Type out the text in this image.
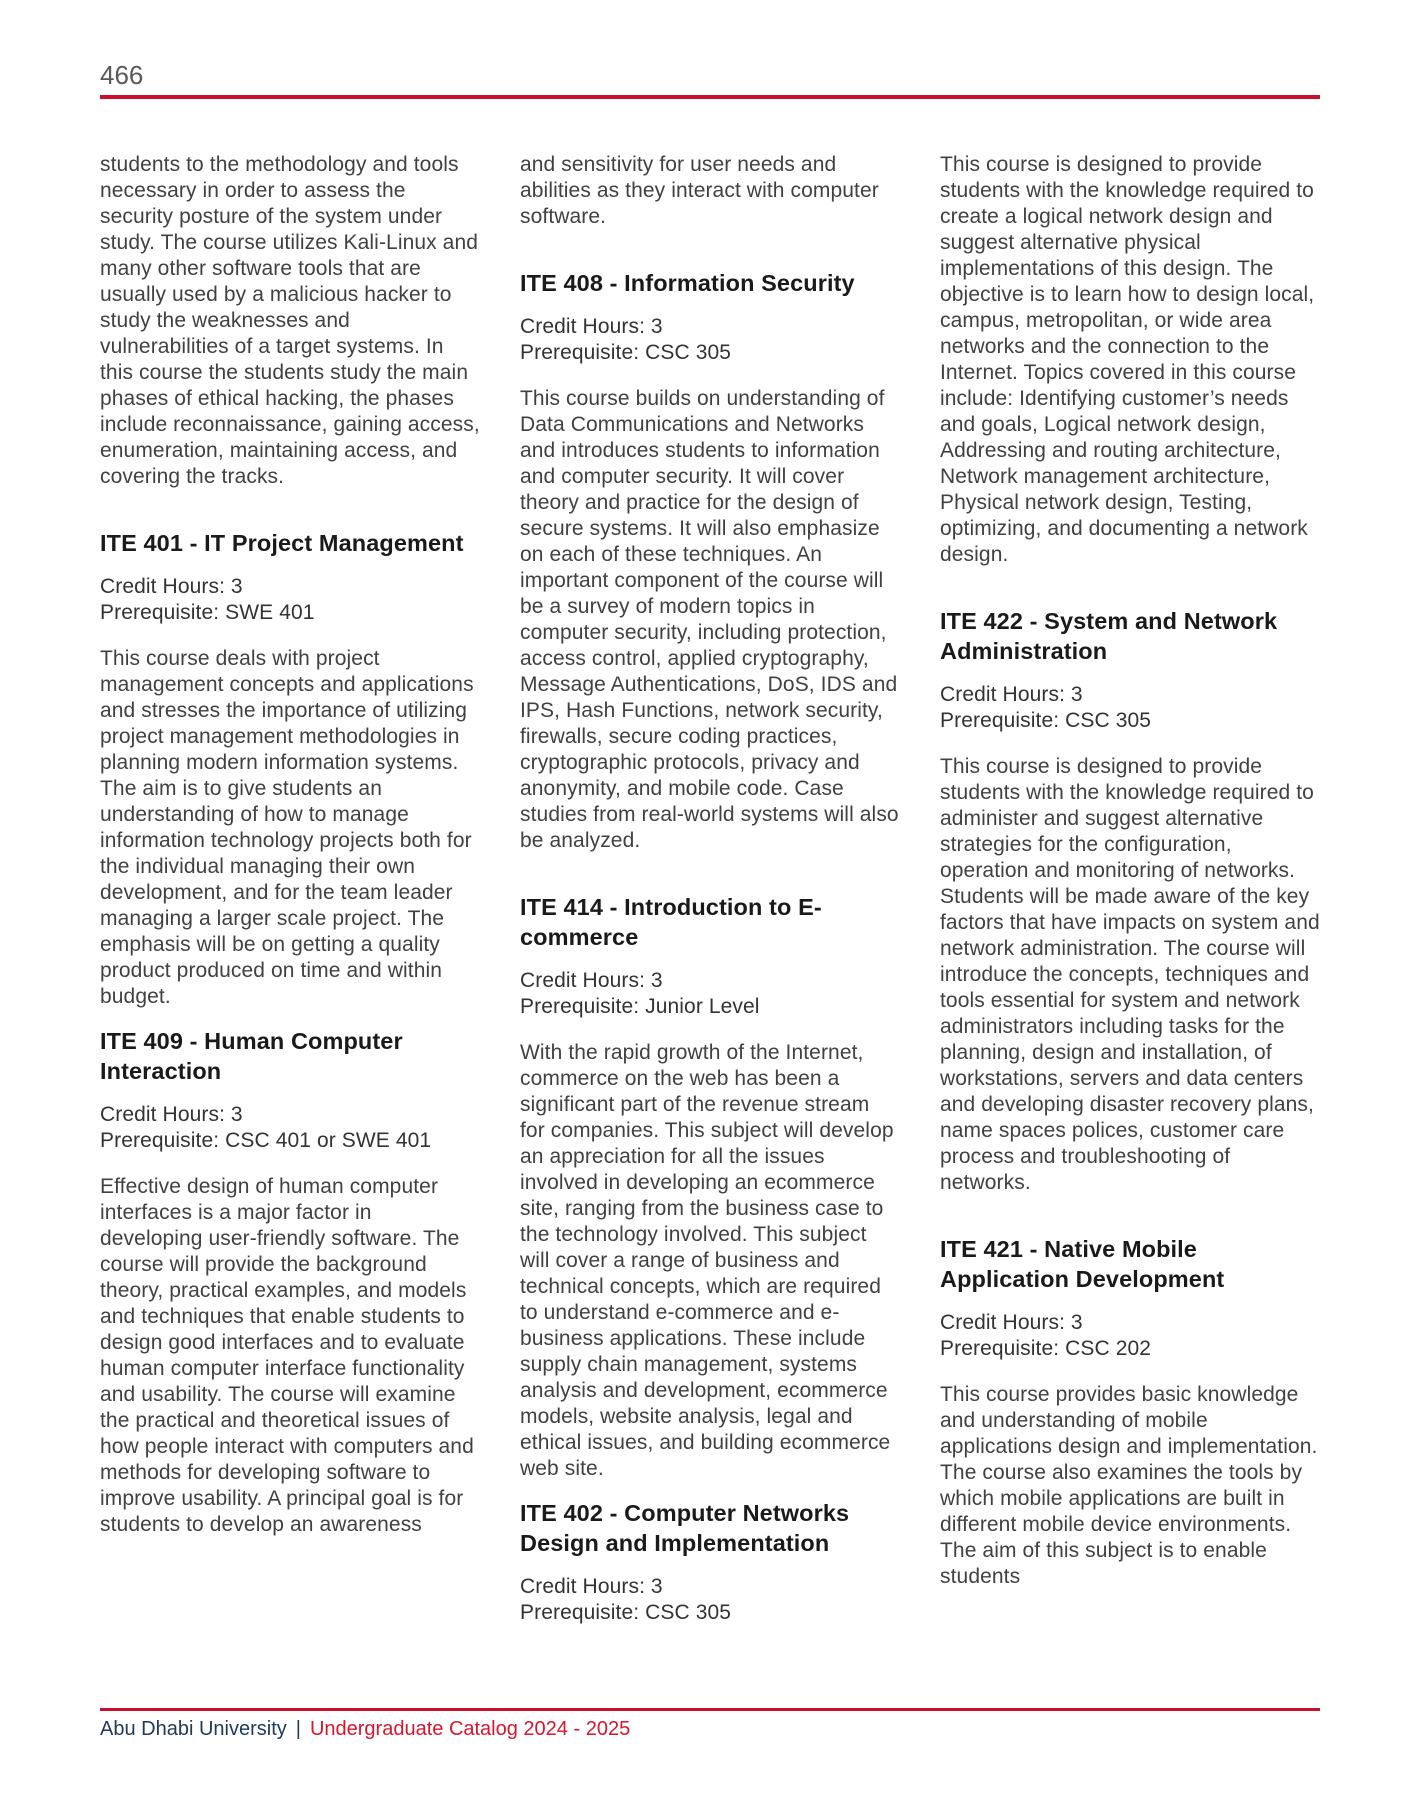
466

students to the methodology and tools necessary in order to assess the security posture of the system under study. The course utilizes Kali-Linux and many other software tools that are usually used by a malicious hacker to study the weaknesses and vulnerabilities of a target systems. In this course the students study the main phases of ethical hacking, the phases include reconnaissance, gaining access, enumeration, maintaining access, and covering the tracks.

ITE 401 - IT Project Management
Credit Hours: 3
Prerequisite: SWE 401

This course deals with project management concepts and applications and stresses the importance of utilizing project management methodologies in planning modern information systems. The aim is to give students an understanding of how to manage information technology projects both for the individual managing their own development, and for the team leader managing a larger scale project. The emphasis will be on getting a quality product produced on time and within budget.

ITE 409 - Human Computer Interaction
Credit Hours: 3
Prerequisite: CSC 401 or SWE 401

Effective design of human computer interfaces is a major factor in developing user-friendly software. The course will provide the background theory, practical examples, and models and techniques that enable students to design good interfaces and to evaluate human computer interface functionality and usability. The course will examine the practical and theoretical issues of how people interact with computers and methods for developing software to improve usability. A principal goal is for students to develop an awareness

and sensitivity for user needs and abilities as they interact with computer software.

ITE 408 - Information Security
Credit Hours: 3
Prerequisite: CSC 305

This course builds on understanding of Data Communications and Networks and introduces students to information and computer security. It will cover theory and practice for the design of secure systems. It will also emphasize on each of these techniques. An important component of the course will be a survey of modern topics in computer security, including protection, access control, applied cryptography, Message Authentications, DoS, IDS and IPS, Hash Functions, network security, firewalls, secure coding practices, cryptographic protocols, privacy and anonymity, and mobile code. Case studies from real-world systems will also be analyzed.

ITE 414 - Introduction to E-commerce
Credit Hours: 3
Prerequisite: Junior Level

With the rapid growth of the Internet, commerce on the web has been a significant part of the revenue stream for companies. This subject will develop an appreciation for all the issues involved in developing an ecommerce site, ranging from the business case to the technology involved. This subject will cover a range of business and technical concepts, which are required to understand e-commerce and e-business applications. These include supply chain management, systems analysis and development, ecommerce models, website analysis, legal and ethical issues, and building ecommerce web site.

ITE 402 - Computer Networks Design and Implementation
Credit Hours: 3
Prerequisite: CSC 305

This course is designed to provide students with the knowledge required to create a logical network design and suggest alternative physical implementations of this design. The objective is to learn how to design local, campus, metropolitan, or wide area networks and the connection to the Internet. Topics covered in this course include: Identifying customer’s needs and goals, Logical network design, Addressing and routing architecture, Network management architecture, Physical network design, Testing, optimizing, and documenting a network design.

ITE 422 - System and Network Administration
Credit Hours: 3
Prerequisite: CSC 305

This course is designed to provide students with the knowledge required to administer and suggest alternative strategies for the configuration, operation and monitoring of networks. Students will be made aware of the key factors that have impacts on system and network administration. The course will introduce the concepts, techniques and tools essential for system and network administrators including tasks for the planning, design and installation, of workstations, servers and data centers and developing disaster recovery plans, name spaces polices, customer care process and troubleshooting of networks.

ITE 421 - Native Mobile Application Development
Credit Hours: 3
Prerequisite: CSC 202

This course provides basic knowledge and understanding of mobile applications design and implementation. The course also examines the tools by which mobile applications are built in different mobile device environments. The aim of this subject is to enable students

Abu Dhabi University | Undergraduate Catalog 2024 - 2025
